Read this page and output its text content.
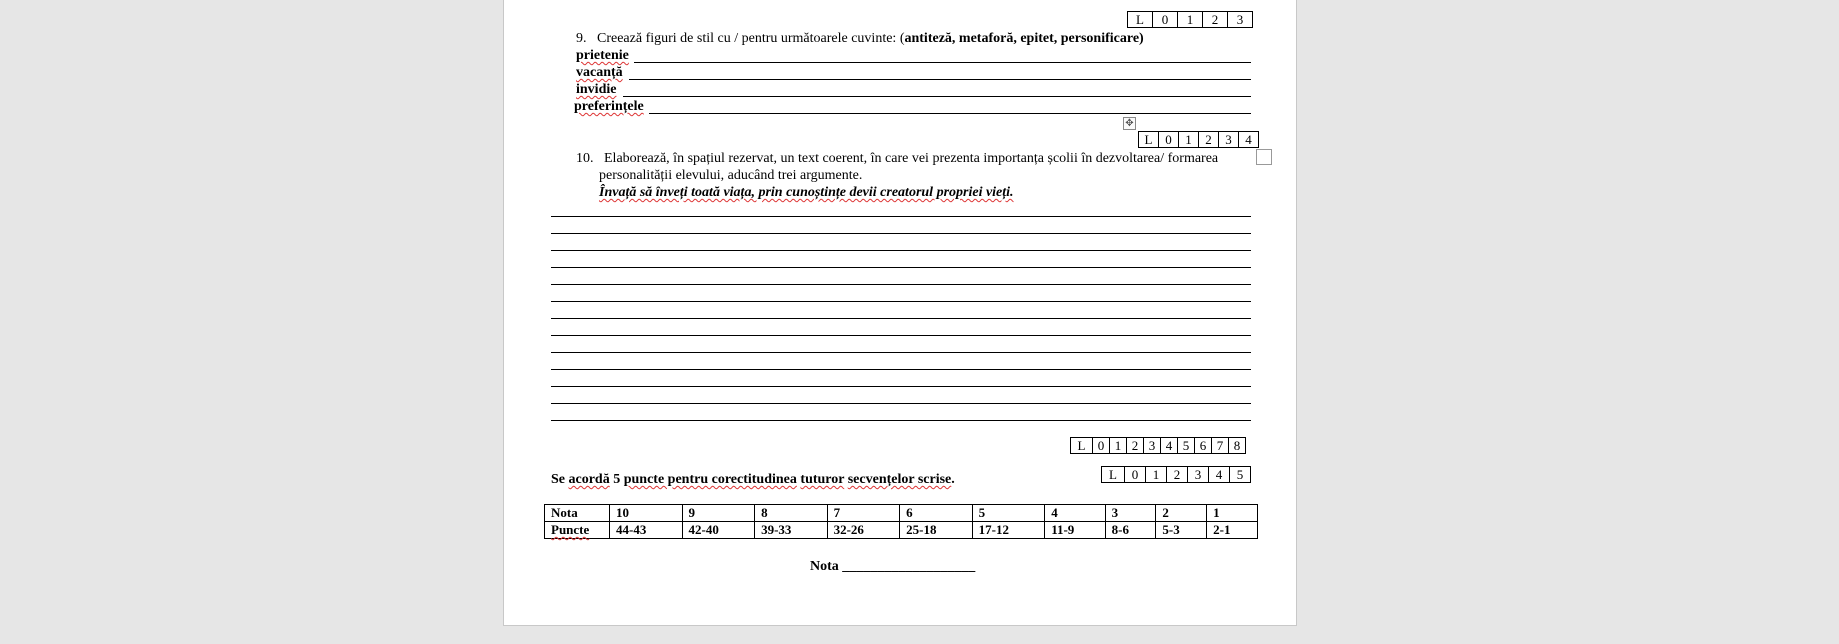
L	0	1	2	3
9. Creează figuri de stil cu / pentru următoarele cuvinte: (antiteză, metaforă, epitet, personificare)
prietenie
vacanță
invidie
preferințele
✥
L	0	1	2	3	4
10. Elaborează, în spațiul rezervat, un text coerent, în care vei prezenta importanța școlii în dezvoltarea/ formarea
personalității elevului, aducând trei argumente.
Învață să înveți toată viața, prin cunoștințe devii creatorul propriei vieți.
L	0	1	2	3	4	5	6	7	8
Se acordă 5 puncte pentru corectitudinea tuturor secvențelor scrise.	L	0	1	2	3	4	5
Nota	10	9	8	7	6	5	4	3	2	1
Puncte	44-43	42-40	39-33	32-26	25-18	17-12	11-9	8-6	5-3	2-1
Nota ___________________
